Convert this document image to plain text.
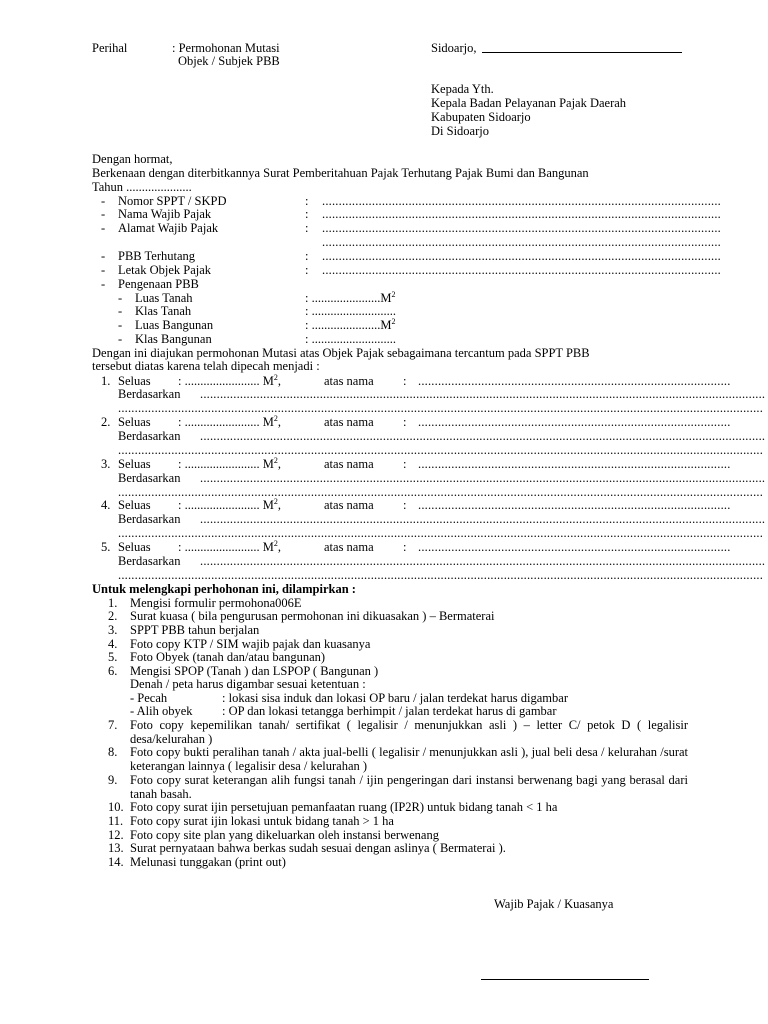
Perihal	: Permohonan Mutasi
Objek / Subjek PBB
Sidoarjo,
Kepada Yth.
Kepala Badan Pelayanan Pajak Daerah
Kabupaten Sidoarjo
Di Sidoarjo
Dengan hormat,
Berkenaan dengan diterbitkannya Surat Pemberitahuan Pajak Terhutang Pajak Bumi dan Bangunan
Tahun .....................
- Nomor SPPT / SKPD	: ........................................................................................................................
- Nama Wajib Pajak	: ........................................................................................................................
- Alamat Wajib Pajak	: ........................................................................................................................
........................................................................................................................
- PBB Terhutang	: ........................................................................................................................
- Letak Objek Pajak	: ........................................................................................................................
- Pengenaan PBB
- Luas Tanah	: $......................M^2$
- Klas Tanah	: ...........................
- Luas Bangunan	: $......................M^2$
- Klas Bangunan	: ...........................
Dengan ini diajukan permohonan Mutasi atas Objek Pajak sebagaimana tercantum pada SPPT PBB
tersebut diatas karena telah dipecah menjadi :
1. Seluas : ........................ $M^2$,	atas nama : ..............................................................................................
Berdasarkan ..........................................................................................................................................................................
..................................................................................................................................................................................................
2. Seluas : ........................ $M^2$,	atas nama : ..............................................................................................
Berdasarkan ..........................................................................................................................................................................
..................................................................................................................................................................................................
3. Seluas : ........................ $M^2$,	atas nama : ..............................................................................................
Berdasarkan ..........................................................................................................................................................................
..................................................................................................................................................................................................
4. Seluas : ........................ $M^2$,	atas nama : ..............................................................................................
Berdasarkan ..........................................................................................................................................................................
..................................................................................................................................................................................................
5. Seluas : ........................ $M^2$,	atas nama : ..............................................................................................
Berdasarkan ..........................................................................................................................................................................
..................................................................................................................................................................................................
Untuk melengkapi perhohonan ini, dilampirkan :
1. Mengisi formulir permohona006E
2. Surat kuasa ( bila pengurusan permohonan ini dikuasakan ) – Bermaterai
3. SPPT PBB tahun berjalan
4. Foto copy KTP / SIM wajib pajak dan kuasanya
5. Foto Obyek (tanah dan/atau bangunan)
6. Mengisi SPOP (Tanah ) dan LSPOP ( Bangunan )
Denah / peta harus digambar sesuai ketentuan :
- Pecah	: lokasi sisa induk dan lokasi OP baru / jalan terdekat harus digambar
- Alih obyek : OP dan lokasi tetangga berhimpit / jalan terdekat harus di gambar
7. Foto copy kepemilikan tanah/ sertifikat ( legalisir / menunjukkan asli ) – letter C/ petok D ( legalisir desa/kelurahan )
8. Foto copy bukti peralihan tanah / akta jual-belli ( legalisir / menunjukkan asli ), jual beli desa / kelurahan /surat keterangan lainnya ( legalisir desa / kelurahan )
9. Foto copy surat keterangan alih fungsi tanah / ijin pengeringan dari instansi berwenang bagi yang berasal dari tanah basah.
10. Foto copy surat ijin persetujuan pemanfaatan ruang (IP2R) untuk bidang tanah < 1 ha
11. Foto copy surat ijin lokasi untuk bidang tanah > 1 ha
12. Foto copy site plan yang dikeluarkan oleh instansi berwenang
13. Surat pernyataan bahwa berkas sudah sesuai dengan aslinya ( Bermaterai ).
14. Melunasi tunggakan (print out)
Wajib Pajak / Kuasanya
